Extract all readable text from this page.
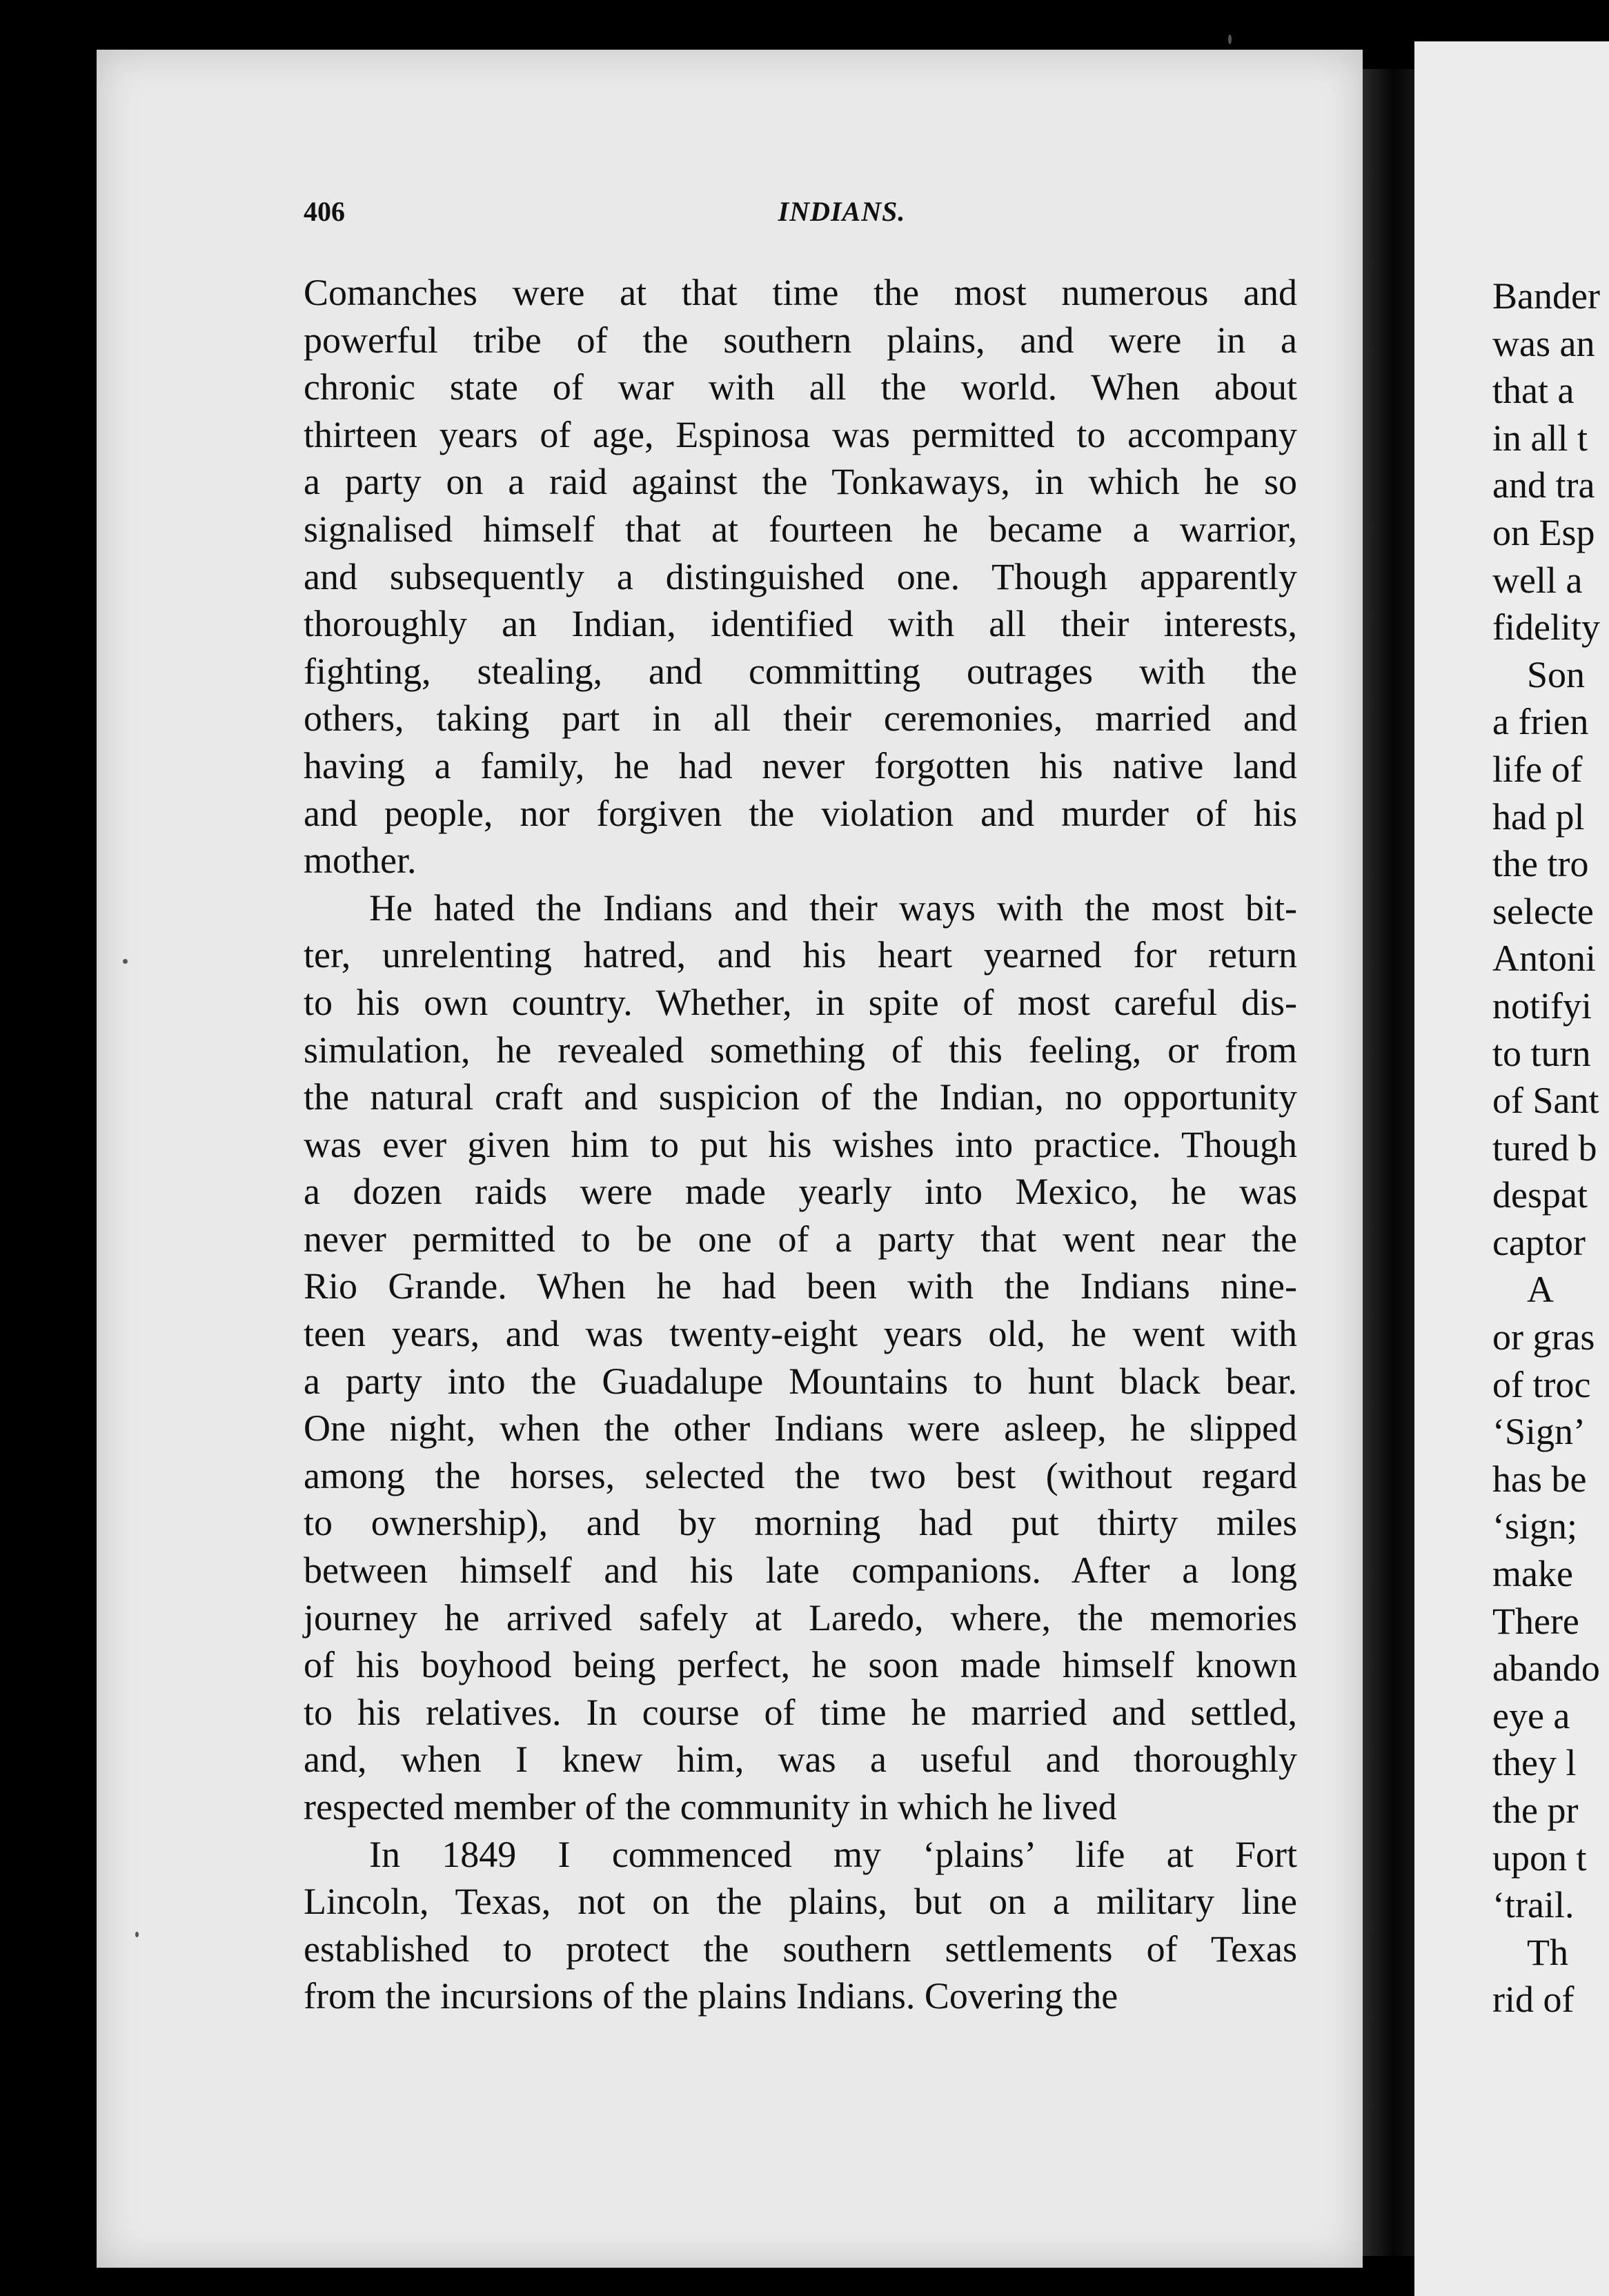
406	INDIANS.
Comanches were at that time the most numerous and
powerful tribe of the southern plains, and were in a
chronic state of war with all the world. When about
thirteen years of age, Espinosa was permitted to accompany
a party on a raid against the Tonkaways, in which he so
signalised himself that at fourteen he became a warrior,
and subsequently a distinguished one. Though apparently
thoroughly an Indian, identified with all their interests,
fighting, stealing, and committing outrages with the
others, taking part in all their ceremonies, married and
having a family, he had never forgotten his native land
and people, nor forgiven the violation and murder of his
mother.
He hated the Indians and their ways with the most bit-
ter, unrelenting hatred, and his heart yearned for return
to his own country. Whether, in spite of most careful dis-
simulation, he revealed something of this feeling, or from
the natural craft and suspicion of the Indian, no opportunity
was ever given him to put his wishes into practice. Though
a dozen raids were made yearly into Mexico, he was
never permitted to be one of a party that went near the
Rio Grande. When he had been with the Indians nine-
teen years, and was twenty-eight years old, he went with
a party into the Guadalupe Mountains to hunt black bear.
One night, when the other Indians were asleep, he slipped
among the horses, selected the two best (without regard
to ownership), and by morning had put thirty miles
between himself and his late companions. After a long
journey he arrived safely at Laredo, where, the memories
of his boyhood being perfect, he soon made himself known
to his relatives. In course of time he married and settled,
and, when I knew him, was a useful and thoroughly
respected member of the community in which he lived
In 1849 I commenced my ‘plains’ life at Fort
Lincoln, Texas, not on the plains, but on a military line
established to protect the southern settlements of Texas
from the incursions of the plains Indians. Covering the
Bander
was an
that a
in all t
and tra
on Esp
well a
fidelity
Son
a frien
life of
had pl
the tro
selecte
Antoni
notifyi
to turn
of Sant
tured b
despat
captor
A
or gras
of troc
‘Sign’
has be
‘sign;
make
There
abando
eye a
they l
the pr
upon t
‘trail.
Th
rid of
